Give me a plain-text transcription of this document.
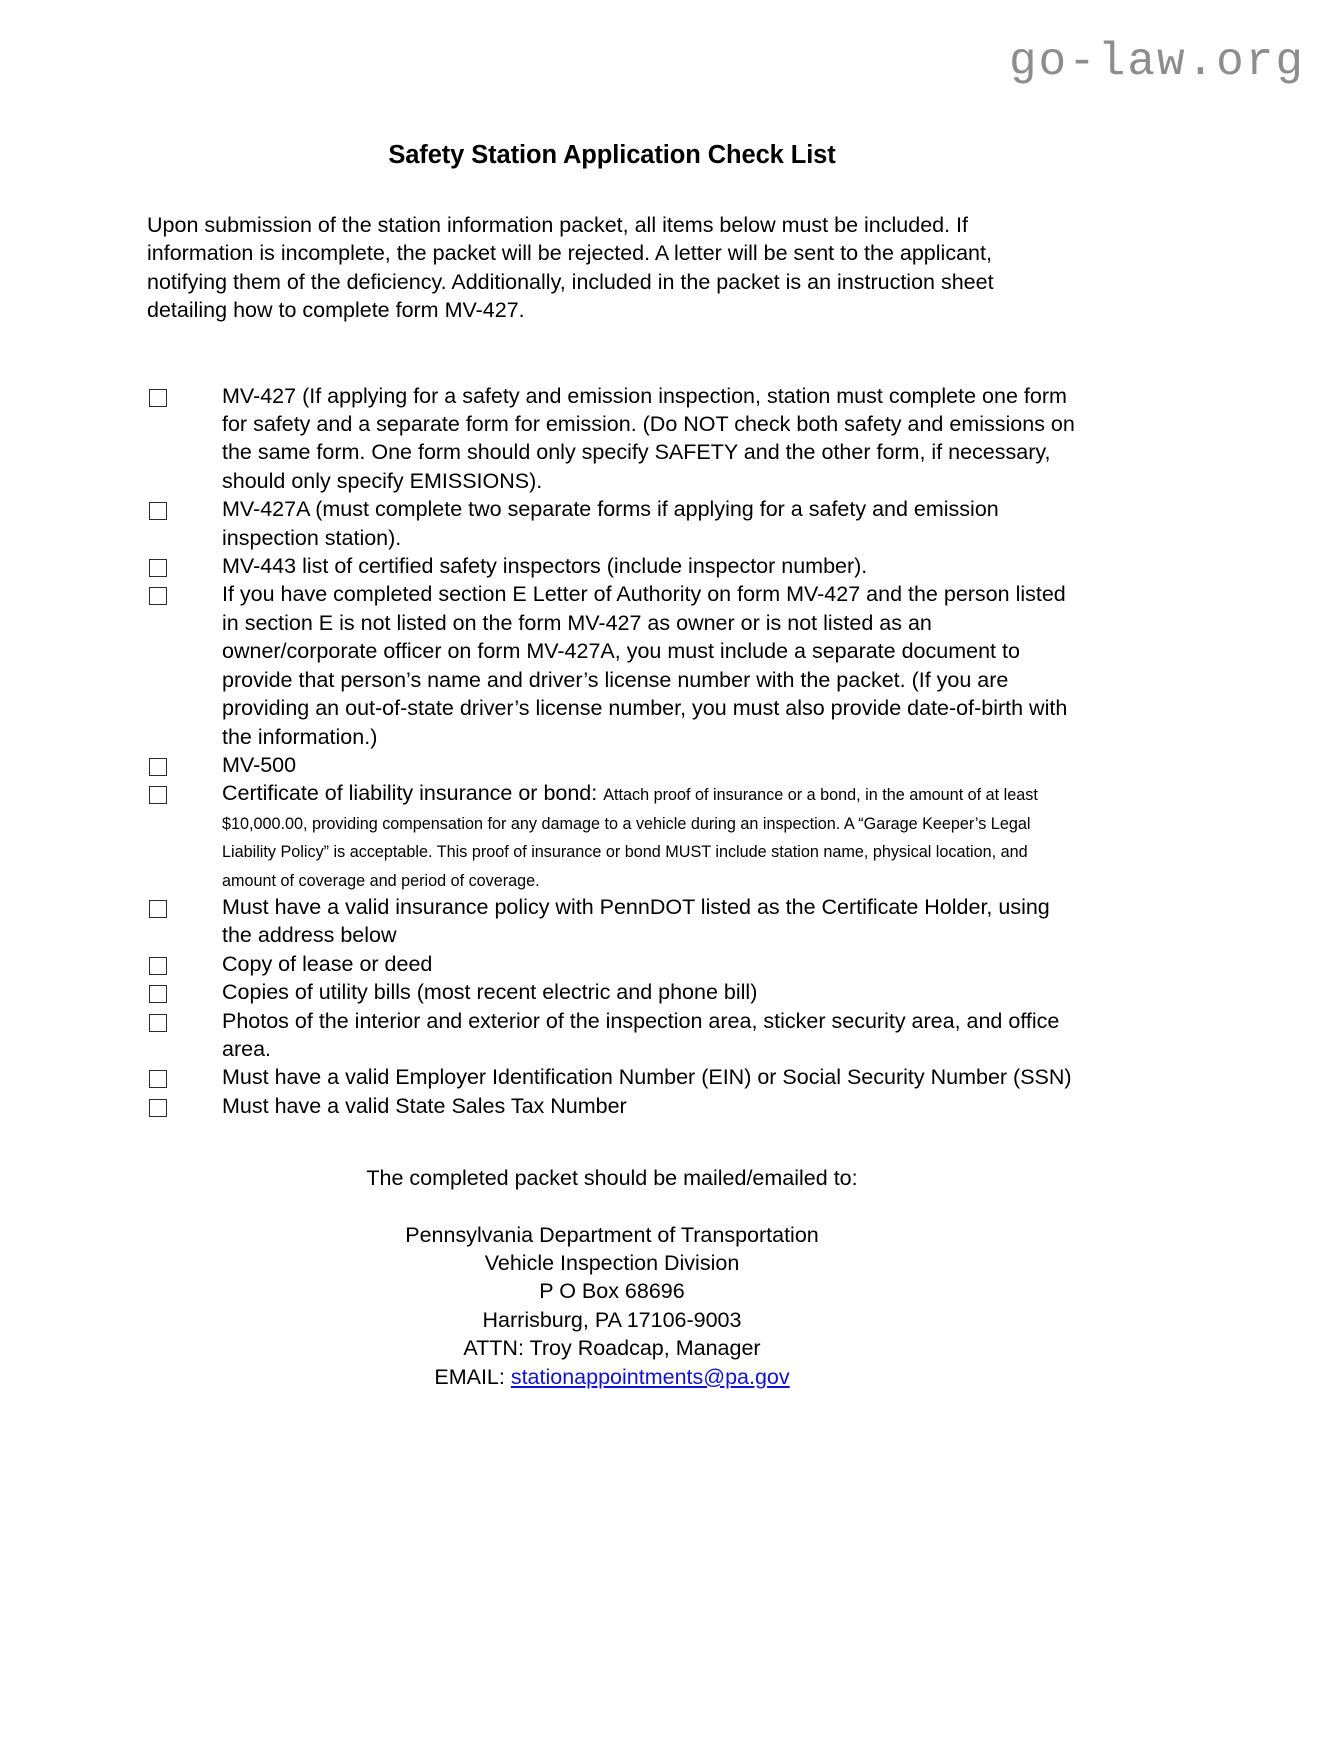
go-law.org
Safety Station Application Check List

Upon submission of the station information packet, all items below must be included. If information is incomplete, the packet will be rejected. A letter will be sent to the applicant, notifying them of the deficiency. Additionally, included in the packet is an instruction sheet detailing how to complete form MV-427.

MV-427 (If applying for a safety and emission inspection, station must complete one form for safety and a separate form for emission. (Do NOT check both safety and emissions on the same form. One form should only specify SAFETY and the other form, if necessary, should only specify EMISSIONS).
MV-427A (must complete two separate forms if applying for a safety and emission inspection station).
MV-443 list of certified safety inspectors (include inspector number).
If you have completed section E Letter of Authority on form MV-427 and the person listed in section E is not listed on the form MV-427 as owner or is not listed as an owner/corporate officer on form MV-427A, you must include a separate document to provide that person’s name and driver’s license number with the packet. (If you are providing an out-of-state driver’s license number, you must also provide date-of-birth with the information.)
MV-500
Certificate of liability insurance or bond: Attach proof of insurance or a bond, in the amount of at least $10,000.00, providing compensation for any damage to a vehicle during an inspection. A “Garage Keeper’s Legal Liability Policy” is acceptable. This proof of insurance or bond MUST include station name, physical location, and amount of coverage and period of coverage.
Must have a valid insurance policy with PennDOT listed as the Certificate Holder, using the address below
Copy of lease or deed
Copies of utility bills (most recent electric and phone bill)
Photos of the interior and exterior of the inspection area, sticker security area, and office area.
Must have a valid Employer Identification Number (EIN) or Social Security Number (SSN)
Must have a valid State Sales Tax Number

The completed packet should be mailed/emailed to:

Pennsylvania Department of Transportation
Vehicle Inspection Division
P O Box 68696
Harrisburg, PA 17106-9003
ATTN: Troy Roadcap, Manager
EMAIL: stationappointments@pa.gov
